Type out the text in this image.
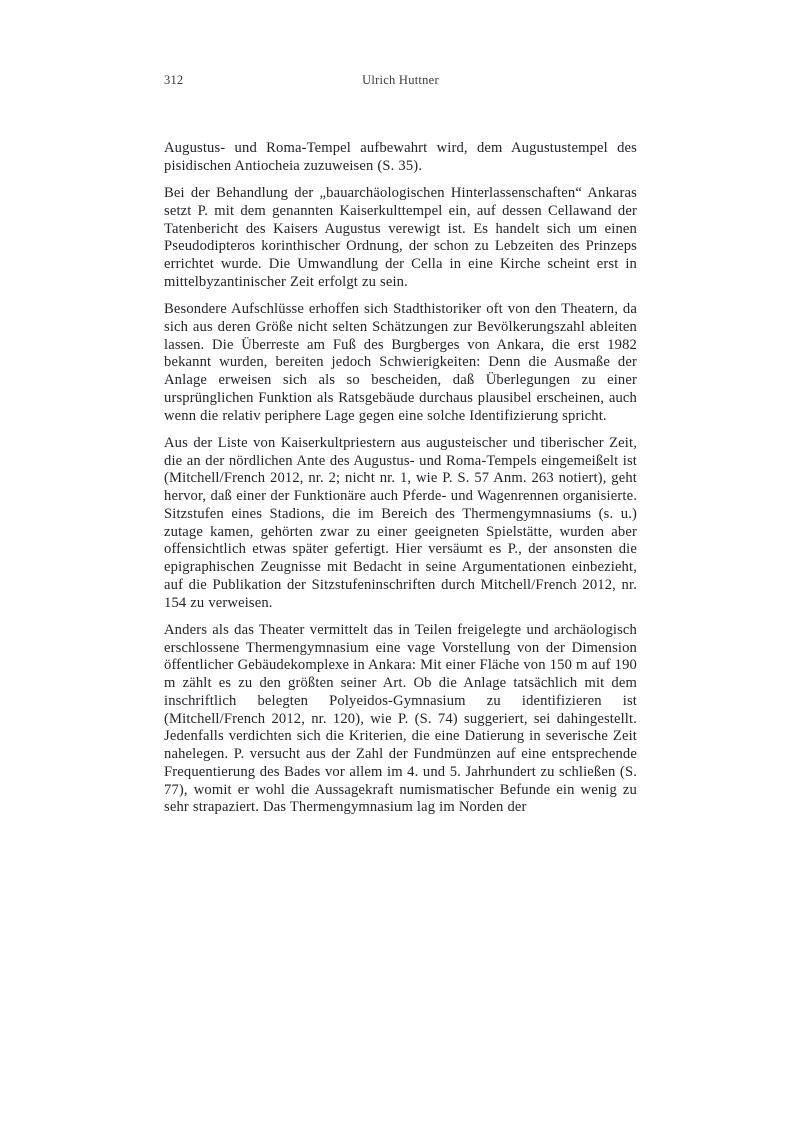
312	Ulrich Huttner

Augustus- und Roma-Tempel aufbewahrt wird, dem Augustustempel des pisidischen Antiocheia zuzuweisen (S. 35).

Bei der Behandlung der „bauarchäologischen Hinterlassenschaften“ Ankaras setzt P. mit dem genannten Kaiserkulttempel ein, auf dessen Cellawand der Tatenbericht des Kaisers Augustus verewigt ist. Es handelt sich um einen Pseudodipteros korinthischer Ordnung, der schon zu Lebzeiten des Prinzeps errichtet wurde. Die Umwandlung der Cella in eine Kirche scheint erst in mittelbyzantinischer Zeit erfolgt zu sein.

Besondere Aufschlüsse erhoffen sich Stadthistoriker oft von den Theatern, da sich aus deren Größe nicht selten Schätzungen zur Bevölkerungszahl ableiten lassen. Die Überreste am Fuß des Burgberges von Ankara, die erst 1982 bekannt wurden, bereiten jedoch Schwierigkeiten: Denn die Ausmaße der Anlage erweisen sich als so bescheiden, daß Überlegungen zu einer ursprünglichen Funktion als Ratsgebäude durchaus plausibel erscheinen, auch wenn die relativ periphere Lage gegen eine solche Identifizierung spricht.

Aus der Liste von Kaiserkultpriestern aus augusteischer und tiberischer Zeit, die an der nördlichen Ante des Augustus- und Roma-Tempels eingemeißelt ist (Mitchell/French 2012, nr. 2; nicht nr. 1, wie P. S. 57 Anm. 263 notiert), geht hervor, daß einer der Funktionäre auch Pferde- und Wagenrennen organisierte. Sitzstufen eines Stadions, die im Bereich des Thermengymnasiums (s. u.) zutage kamen, gehörten zwar zu einer geeigneten Spielstätte, wurden aber offensichtlich etwas später gefertigt. Hier versäumt es P., der ansonsten die epigraphischen Zeugnisse mit Bedacht in seine Argumentationen einbezieht, auf die Publikation der Sitzstufeninschriften durch Mitchell/French 2012, nr. 154 zu verweisen.

Anders als das Theater vermittelt das in Teilen freigelegte und archäologisch erschlossene Thermengymnasium eine vage Vorstellung von der Dimension öffentlicher Gebäudekomplexe in Ankara: Mit einer Fläche von 150 m auf 190 m zählt es zu den größten seiner Art. Ob die Anlage tatsächlich mit dem inschriftlich belegten Polyeidos-Gymnasium zu identifizieren ist (Mitchell/French 2012, nr. 120), wie P. (S. 74) suggeriert, sei dahingestellt. Jedenfalls verdichten sich die Kriterien, die eine Datierung in severische Zeit nahelegen. P. versucht aus der Zahl der Fundmünzen auf eine entsprechende Frequentierung des Bades vor allem im 4. und 5. Jahrhundert zu schließen (S. 77), womit er wohl die Aussagekraft numismatischer Befunde ein wenig zu sehr strapaziert. Das Thermengymnasium lag im Norden der
